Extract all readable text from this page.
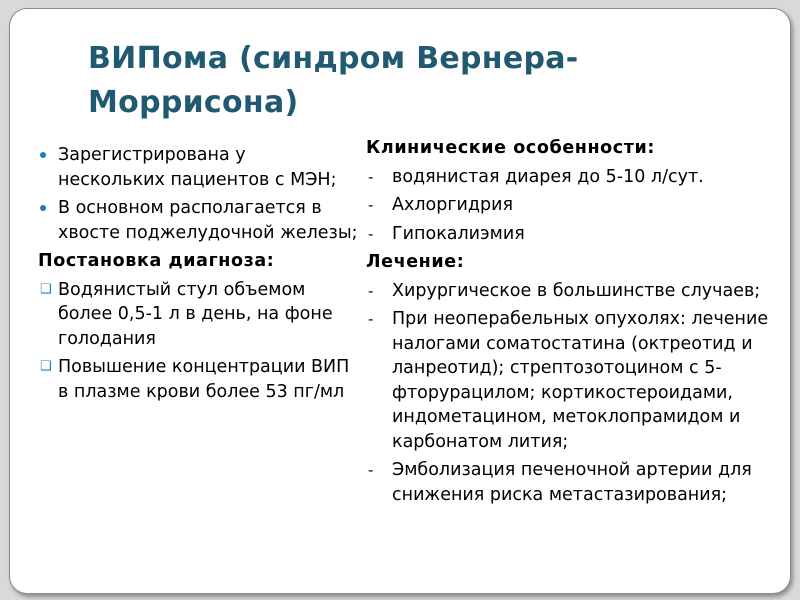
ВИПома (синдром Вернера-
Моррисона)
Зарегистрирована у нескольких пациентов с МЭН;
В основном располагается в хвосте поджелудочной железы;
Постановка диагноза:
❑ Водянистый стул объемом более 0,5-1 л в день, на фоне голодания
❑ Повышение концентрации ВИП в плазме крови более 53 пг/мл
Клинические особенности:
- водянистая диарея до 5-10 л/сут.
- Ахлоргидрия
- Гипокалиэмия
Лечение:
- Хирургическое в большинстве случаев;
- При неоперабельных опухолях: лечение налогами соматостатина (октреотид и ланреотид); стрептозотоцином с 5-фторурацилом; кортикостероидами, индометацином, метоклопрамидом и карбонатом лития;
- Эмболизация печеночной артерии для снижения риска метастазирования;
